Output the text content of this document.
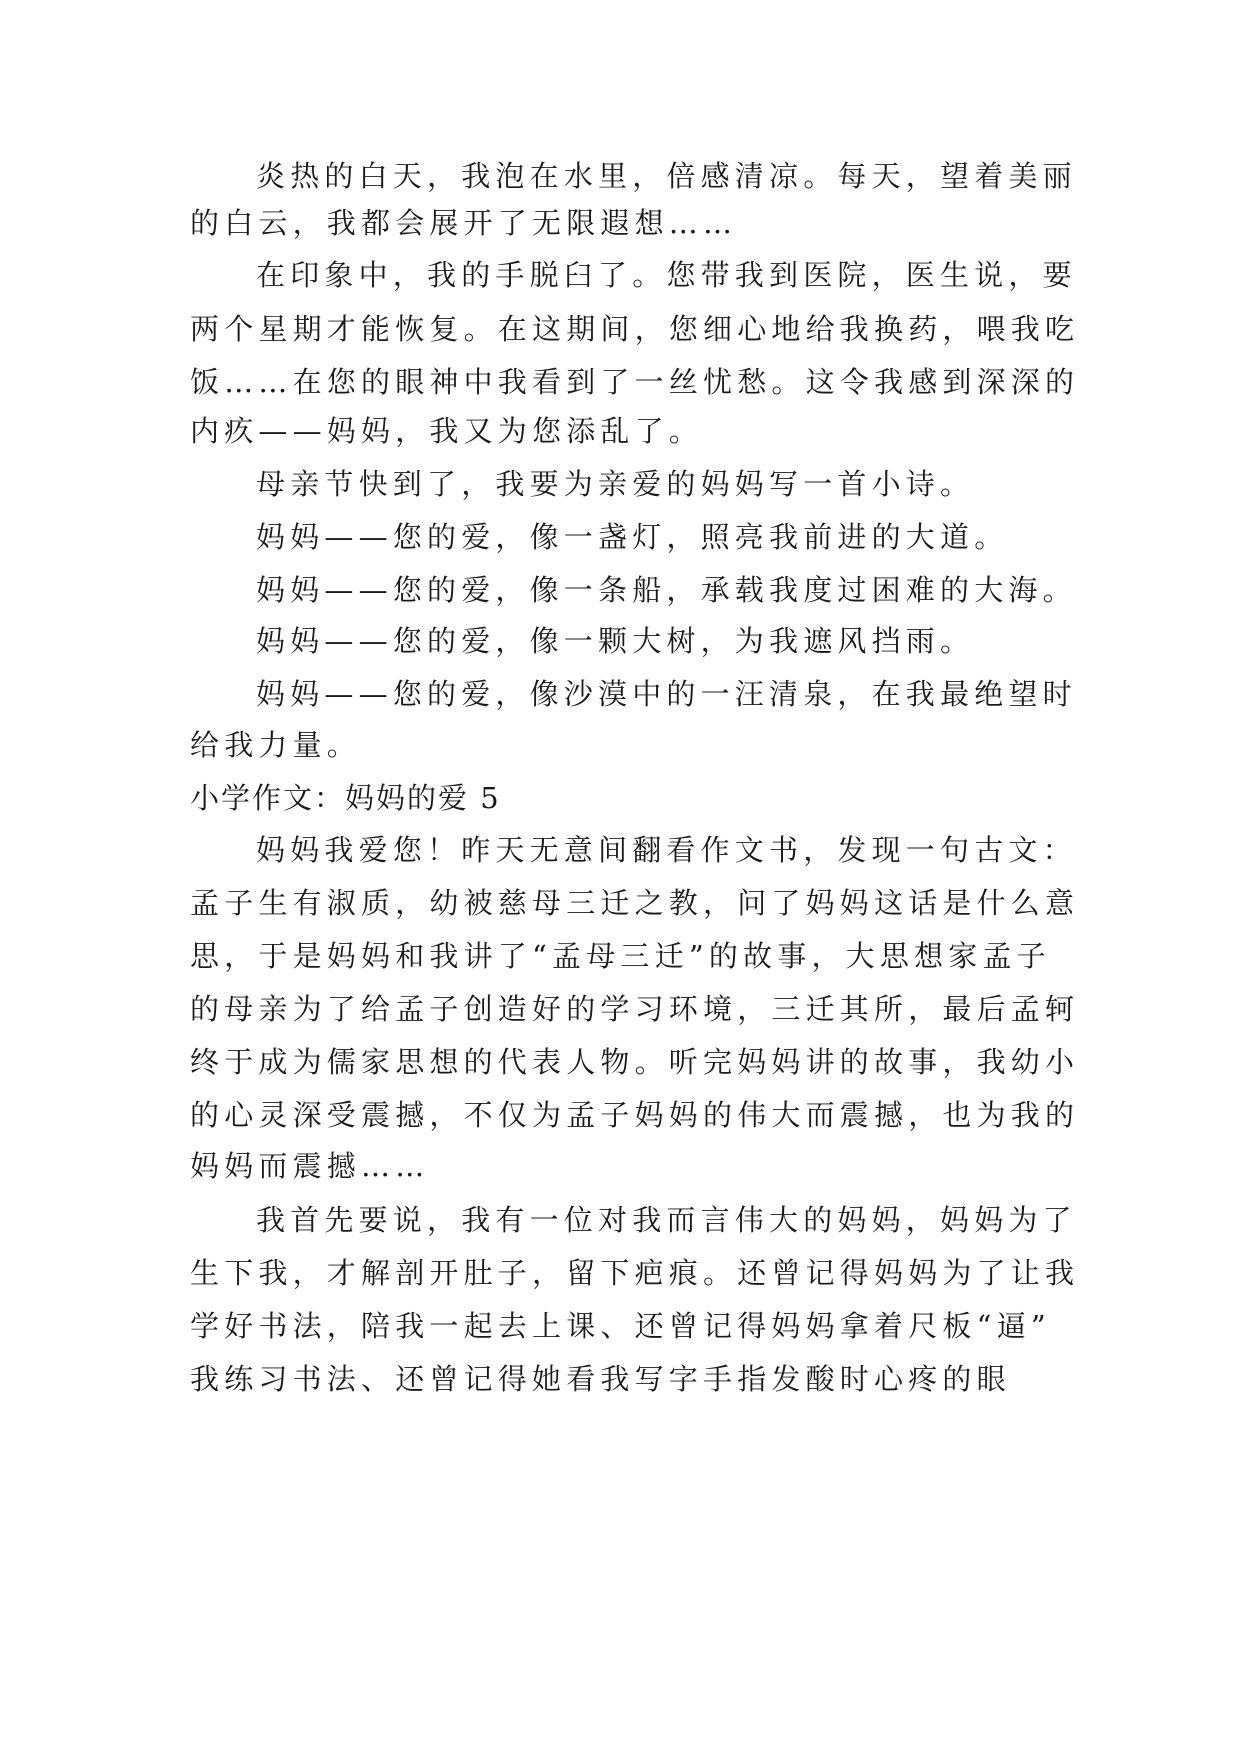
炎热的白天，我泡在水里，倍感清凉。每天，望着美丽
的白云，我都会展开了无限遐想……
在印象中，我的手脱臼了。您带我到医院，医生说，要
两个星期才能恢复。在这期间，您细心地给我换药，喂我吃
饭……在您的眼神中我看到了一丝忧愁。这令我感到深深的
内疚——妈妈，我又为您添乱了。
母亲节快到了，我要为亲爱的妈妈写一首小诗。
妈妈——您的爱，像一盏灯，照亮我前进的大道。
妈妈——您的爱，像一条船，承载我度过困难的大海。
妈妈——您的爱，像一颗大树，为我遮风挡雨。
妈妈——您的爱，像沙漠中的一汪清泉，在我最绝望时
给我力量。
小学作文：妈妈的爱 5
妈妈我爱您！昨天无意间翻看作文书，发现一句古文：
孟子生有淑质，幼被慈母三迁之教，问了妈妈这话是什么意
思，于是妈妈和我讲了“孟母三迁”的故事，大思想家孟子
的母亲为了给孟子创造好的学习环境，三迁其所，最后孟轲
终于成为儒家思想的代表人物。听完妈妈讲的故事，我幼小
的心灵深受震撼，不仅为孟子妈妈的伟大而震撼，也为我的
妈妈而震撼……
我首先要说，我有一位对我而言伟大的妈妈，妈妈为了
生下我，才解剖开肚子，留下疤痕。还曾记得妈妈为了让我
学好书法，陪我一起去上课、还曾记得妈妈拿着尺板“逼”
我练习书法、还曾记得她看我写字手指发酸时心疼的眼
